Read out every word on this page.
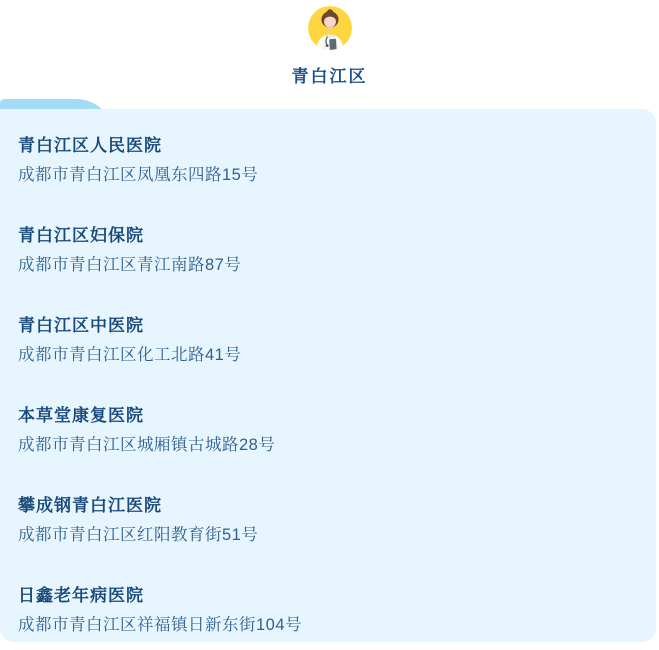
青白江区
青白江区人民医院
成都市青白江区凤凰东四路15号
青白江区妇保院
成都市青白江区青江南路87号
青白江区中医院
成都市青白江区化工北路41号
本草堂康复医院
成都市青白江区城厢镇古城路28号
攀成钢青白江医院
成都市青白江区红阳教育街51号
日鑫老年病医院
成都市青白江区祥福镇日新东街104号
